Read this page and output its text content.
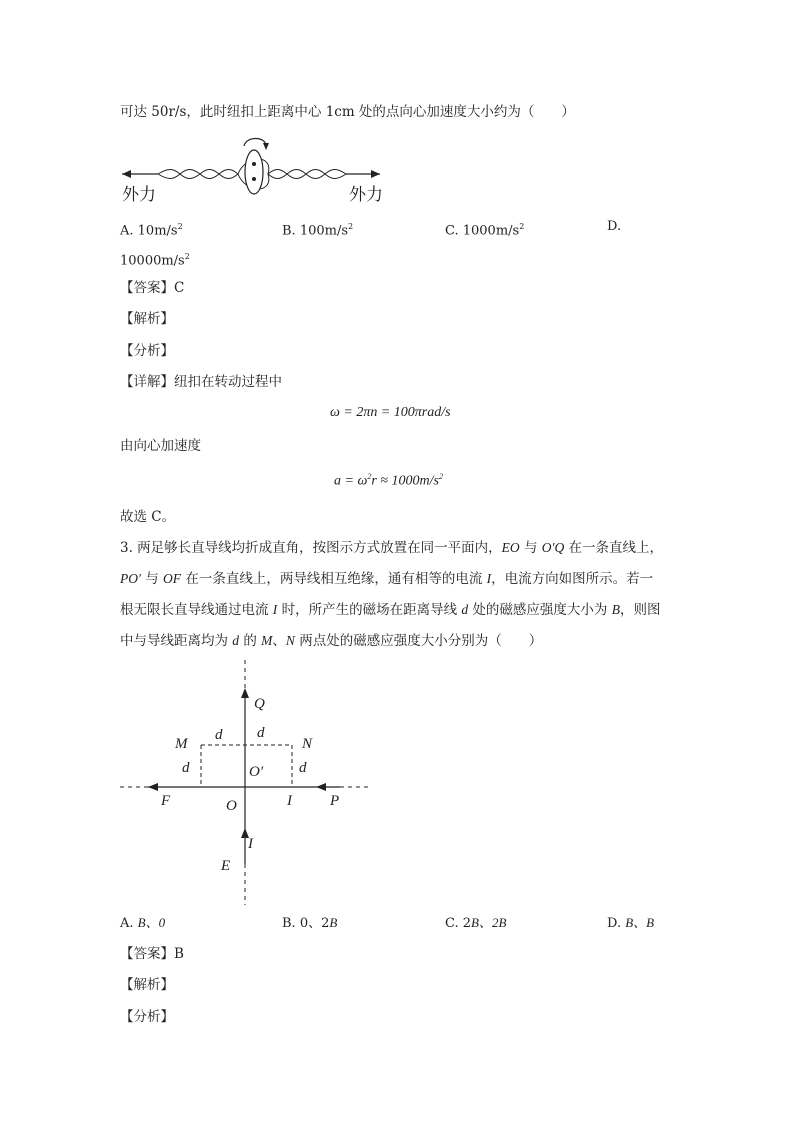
可达 50r/s，此时纽扣上距离中心 1cm 处的点向心加速度大小约为（　　）
外力	外力
A. $10m/s^2$	B. $100m/s^2$	C. $1000m/s^2$	D.
$10000m/s^2$
【答案】C
【解析】
【分析】
【详解】纽扣在转动过程中
ω = 2πn = 100πrad/s
由向心加速度
$a = \omega^2r \approx 1000m/s^2$
故选 C。
3. 两足够长直导线均折成直角，按图示方式放置在同一平面内，EO 与 O′Q 在一条直线上，
PO′ 与 OF 在一条直线上，两导线相互绝缘，通有相等的电流 I，电流方向如图所示。若一
根无限长直导线通过电流 I 时，所产生的磁场在距离导线 d 处的磁感应强度大小为 B，则图
中与导线距离均为 d 的 M、N 两点处的磁感应强度大小分别为（　　）
Q
M	N
d d
d	d
O′
F	O	I	P
I
E
A. B、0	B. 0、2B	C. 2B、2B	D. B、B
【答案】B
【解析】
【分析】
